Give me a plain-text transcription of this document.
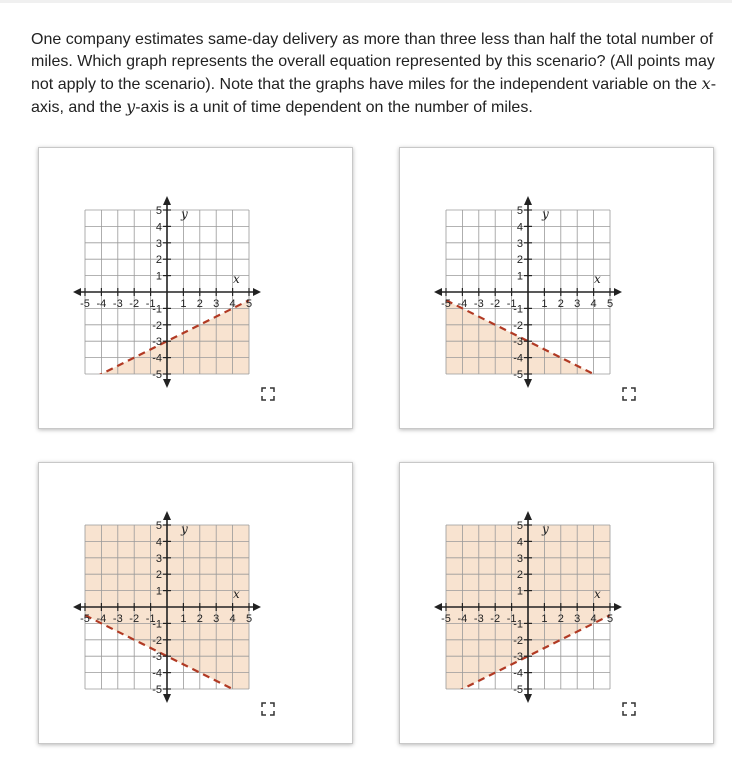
One company estimates same-day delivery as more than three less than half the total number of miles. Which graph represents the overall equation represented by this scenario? (All points may not apply to the scenario). Note that the graphs have miles for the independent variable on the x-axis, and the y-axis is a unit of time dependent on the number of miles.
-5
-5
-4
-4
-3
-3
-2
-2
-1
-1 1
1
2
2
3
3
4
4
5
5
x
y
-5
-5
-4
-4
-3
-3
-2
-2
-1
-1 1
1
2
2
3
3
4
4
5
5
x
y
-5
-5
-4
-4
-3
-3
-2
-2
-1
-1 1
1
2
2
3
3
4
4
5
5
x
y
-5
-5
-4
-4
-3
-3
-2
-2
-1
-1 1
1
2
2
3
3
4
4
5
5
x
y
